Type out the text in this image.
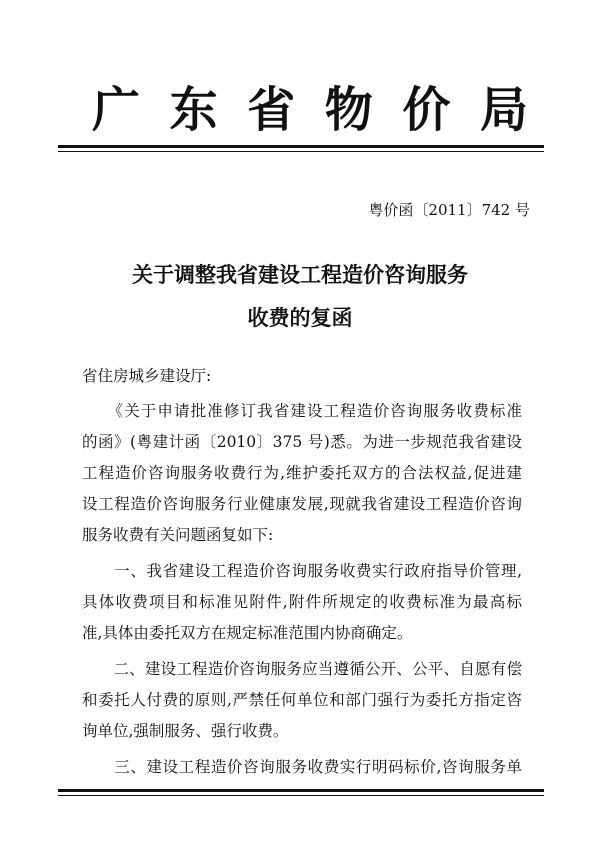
广 东 省 物 价 局
粤价函〔2011〕742 号
关于调整我省建设工程造价咨询服务
收费的复函
省住房城乡建设厅:
　　《关于申请批准修订我省建设工程造价咨询服务收费标准
的函》(粤建计函〔2010〕375 号)悉。为进一步规范我省建设
工程造价咨询服务收费行为,维护委托双方的合法权益,促进建
设工程造价咨询服务行业健康发展,现就我省建设工程造价咨询
服务收费有关问题函复如下:
　　一、我省建设工程造价咨询服务收费实行政府指导价管理,
具体收费项目和标准见附件,附件所规定的收费标准为最高标
准,具体由委托双方在规定标准范围内协商确定。
　　二、建设工程造价咨询服务应当遵循公开、公平、自愿有偿
和委托人付费的原则,严禁任何单位和部门强行为委托方指定咨
询单位,强制服务、强行收费。
　　三、建设工程造价咨询服务收费实行明码标价,咨询服务单
